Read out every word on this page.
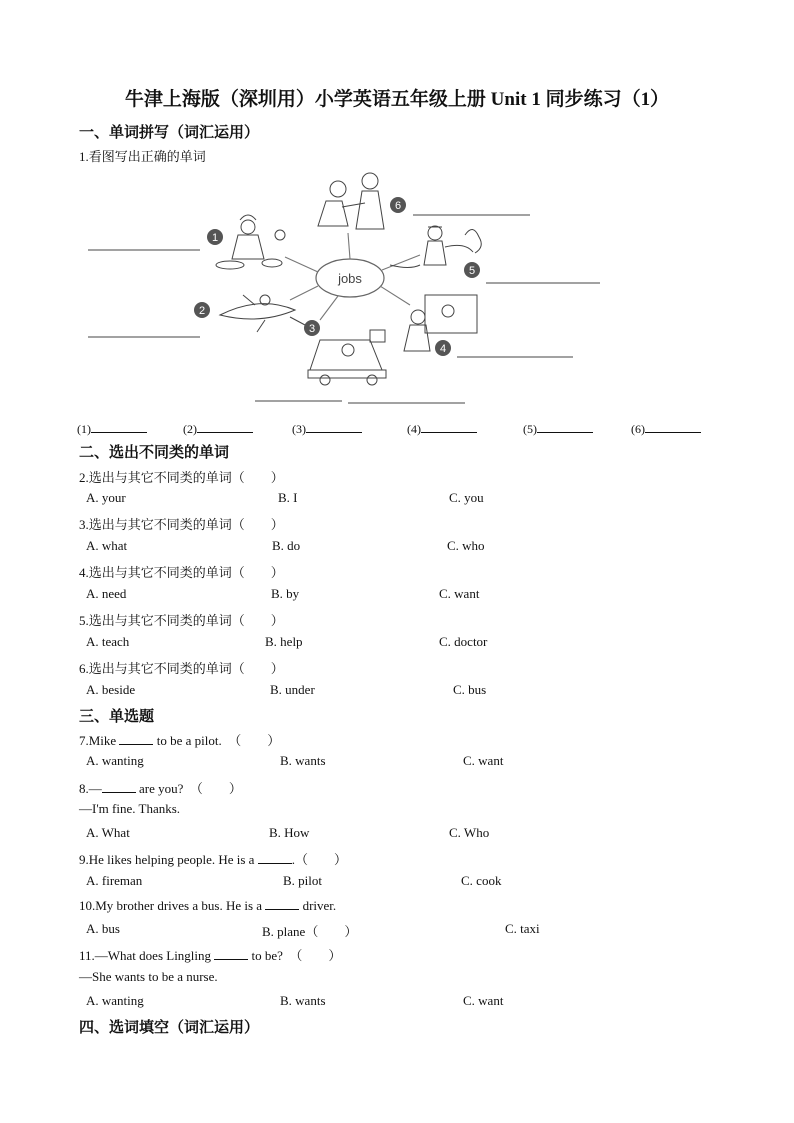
牛津上海版（深圳用）小学英语五年级上册 Unit 1 同步练习（1）
一、单词拼写（词汇运用）
1.看图写出正确的单词
jobs
6
1
5
2
3
4
(1)	(2)	(3)	(4)	(5)	(6)
二、选出不同类的单词
2.选出与其它不同类的单词（　　）
A. your	B. I	C. you
3.选出与其它不同类的单词（　　）
A. what	B. do	C. who
4.选出与其它不同类的单词（　　）
A. need	B. by	C. want
5.选出与其它不同类的单词（　　）
A. teach	B. help	C. doctor
6.选出与其它不同类的单词（　　）
A. beside	B. under	C. bus
三、单选题
7.Mike	to be a pilot.　（　　）
A. wanting	B. wants	C. want
8.—	are you?　（　　）
—I'm fine. Thanks.
A. What	B. How	C. Who
9.He likes helping people. He is a	.（　　）
A. fireman	B. pilot	C. cook
10.My brother drives a bus. He is a	driver.
A. bus	B. plane（　　）	C. taxi
11.—What does Lingling	to be?　（　　）
—She wants to be a nurse.
A. wanting	B. wants	C. want
四、选词填空（词汇运用）
